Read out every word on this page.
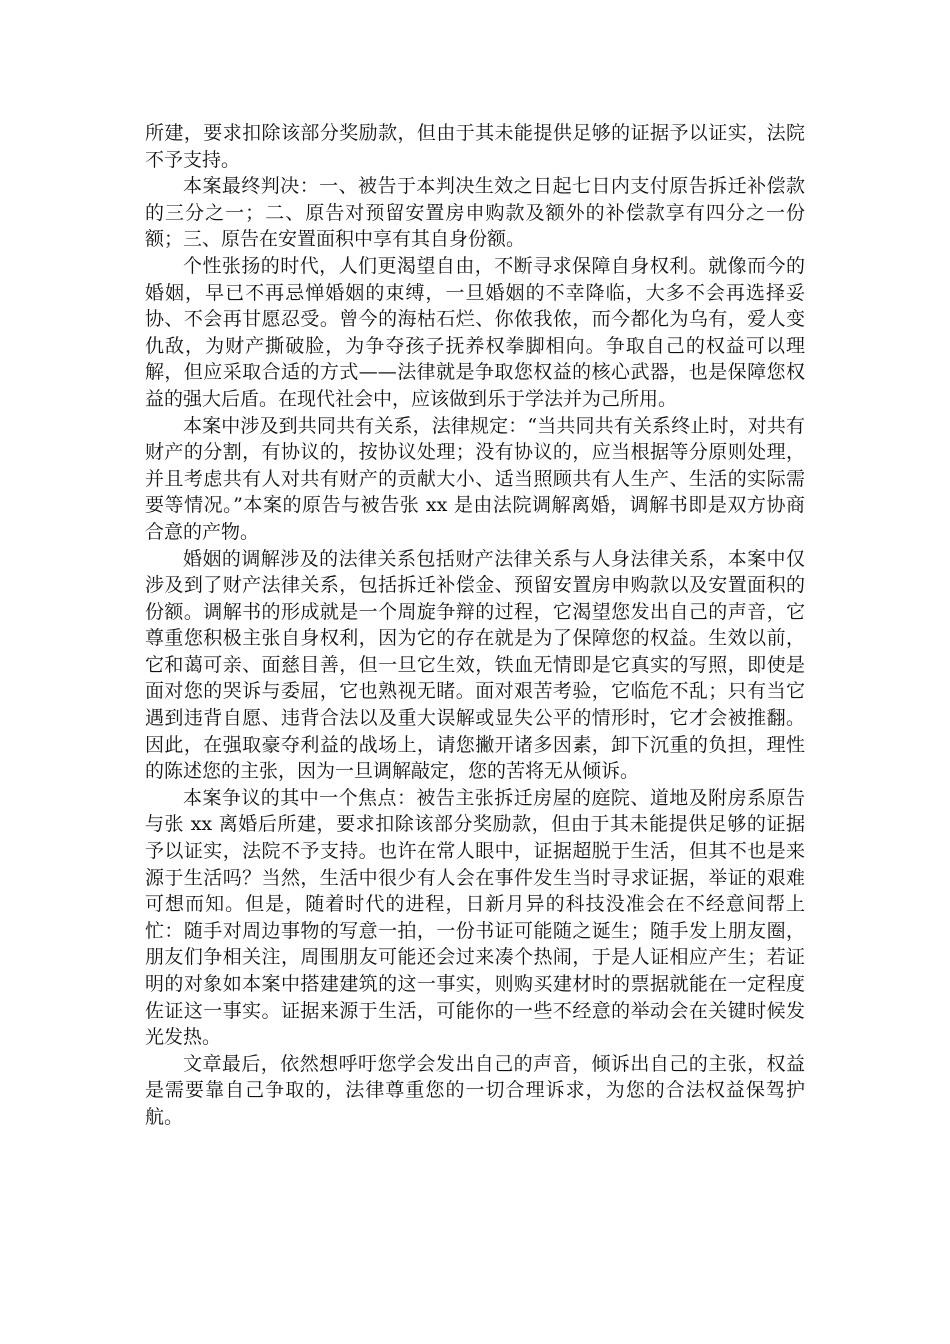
所建，要求扣除该部分奖励款，但由于其未能提供足够的证据予以证实，法院不予支持。

本案最终判决：一、被告于本判决生效之日起七日内支付原告拆迁补偿款的三分之一；二、原告对预留安置房申购款及额外的补偿款享有四分之一份额；三、原告在安置面积中享有其自身份额。

个性张扬的时代，人们更渴望自由，不断寻求保障自身权利。就像而今的婚姻，早已不再忌惮婚姻的束缚，一旦婚姻的不幸降临，大多不会再选择妥协、不会再甘愿忍受。曾今的海枯石烂、你侬我侬，而今都化为乌有，爱人变仇敌，为财产撕破脸，为争夺孩子抚养权拳脚相向。争取自己的权益可以理解，但应采取合适的方式——法律就是争取您权益的核心武器，也是保障您权益的强大后盾。在现代社会中，应该做到乐于学法并为己所用。

本案中涉及到共同共有关系，法律规定：“当共同共有关系终止时，对共有财产的分割，有协议的，按协议处理；没有协议的，应当根据等分原则处理，并且考虑共有人对共有财产的贡献大小、适当照顾共有人生产、生活的实际需要等情况。”本案的原告与被告张 xx 是由法院调解离婚，调解书即是双方协商合意的产物。

婚姻的调解涉及的法律关系包括财产法律关系与人身法律关系，本案中仅涉及到了财产法律关系，包括拆迁补偿金、预留安置房申购款以及安置面积的份额。调解书的形成就是一个周旋争辩的过程，它渴望您发出自己的声音，它尊重您积极主张自身权利，因为它的存在就是为了保障您的权益。生效以前，它和蔼可亲、面慈目善，但一旦它生效，铁血无情即是它真实的写照，即使是面对您的哭诉与委屈，它也熟视无睹。面对艰苦考验，它临危不乱；只有当它遇到违背自愿、违背合法以及重大误解或显失公平的情形时，它才会被推翻。因此，在强取豪夺利益的战场上，请您撇开诸多因素，卸下沉重的负担，理性的陈述您的主张，因为一旦调解敲定，您的苦将无从倾诉。

本案争议的其中一个焦点：被告主张拆迁房屋的庭院、道地及附房系原告与张 xx 离婚后所建，要求扣除该部分奖励款，但由于其未能提供足够的证据予以证实，法院不予支持。也许在常人眼中，证据超脱于生活，但其不也是来源于生活吗？当然，生活中很少有人会在事件发生当时寻求证据，举证的艰难可想而知。但是，随着时代的进程，日新月异的科技没准会在不经意间帮上忙：随手对周边事物的写意一拍，一份书证可能随之诞生；随手发上朋友圈，朋友们争相关注，周围朋友可能还会过来凑个热闹，于是人证相应产生；若证明的对象如本案中搭建建筑的这一事实，则购买建材时的票据就能在一定程度佐证这一事实。证据来源于生活，可能你的一些不经意的举动会在关键时候发光发热。

文章最后，依然想呼吁您学会发出自己的声音，倾诉出自己的主张，权益是需要靠自己争取的，法律尊重您的一切合理诉求，为您的合法权益保驾护航。
